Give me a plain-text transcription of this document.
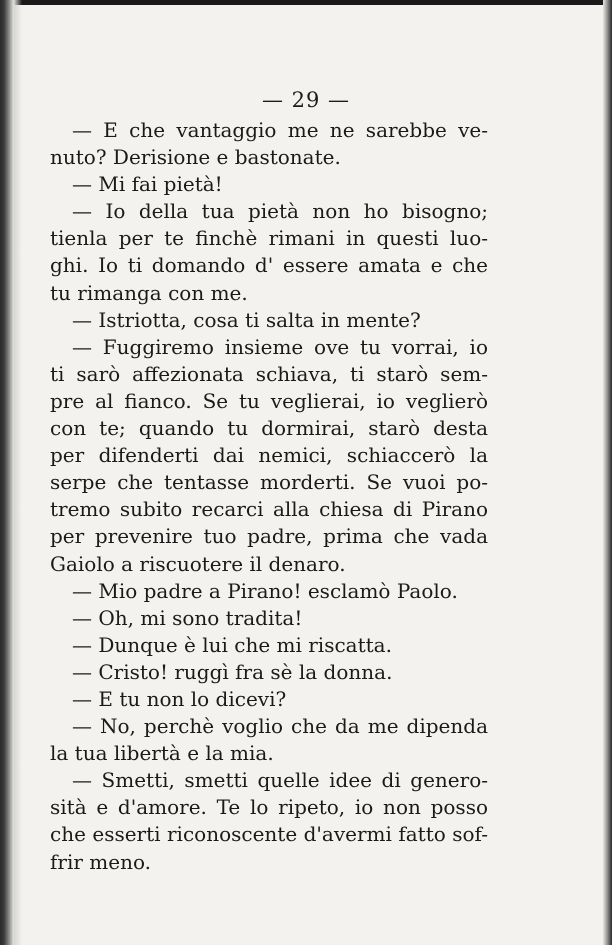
— 29 —
— E che vantaggio me ne sarebbe ve-
nuto? Derisione e bastonate.
— Mi fai pietà!
— Io della tua pietà non ho bisogno;
tienla per te finchè rimani in questi luo-
ghi. Io ti domando d' essere amata e che
tu rimanga con me.
— Istriotta, cosa ti salta in mente?
— Fuggiremo insieme ove tu vorrai, io
ti sarò affezionata schiava, ti starò sem-
pre al fianco. Se tu veglierai, io veglierò
con te; quando tu dormirai, starò desta
per difenderti dai nemici, schiaccerò la
serpe che tentasse morderti. Se vuoi po-
tremo subito recarci alla chiesa di Pirano
per prevenire tuo padre, prima che vada
Gaiolo a riscuotere il denaro.
— Mio padre a Pirano! esclamò Paolo.
— Oh, mi sono tradita!
— Dunque è lui che mi riscatta.
— Cristo! ruggì fra sè la donna.
— E tu non lo dicevi?
— No, perchè voglio che da me dipenda
la tua libertà e la mia.
— Smetti, smetti quelle idee di genero-
sità e d'amore. Te lo ripeto, io non posso
che esserti riconoscente d'avermi fatto sof-
frir meno.
